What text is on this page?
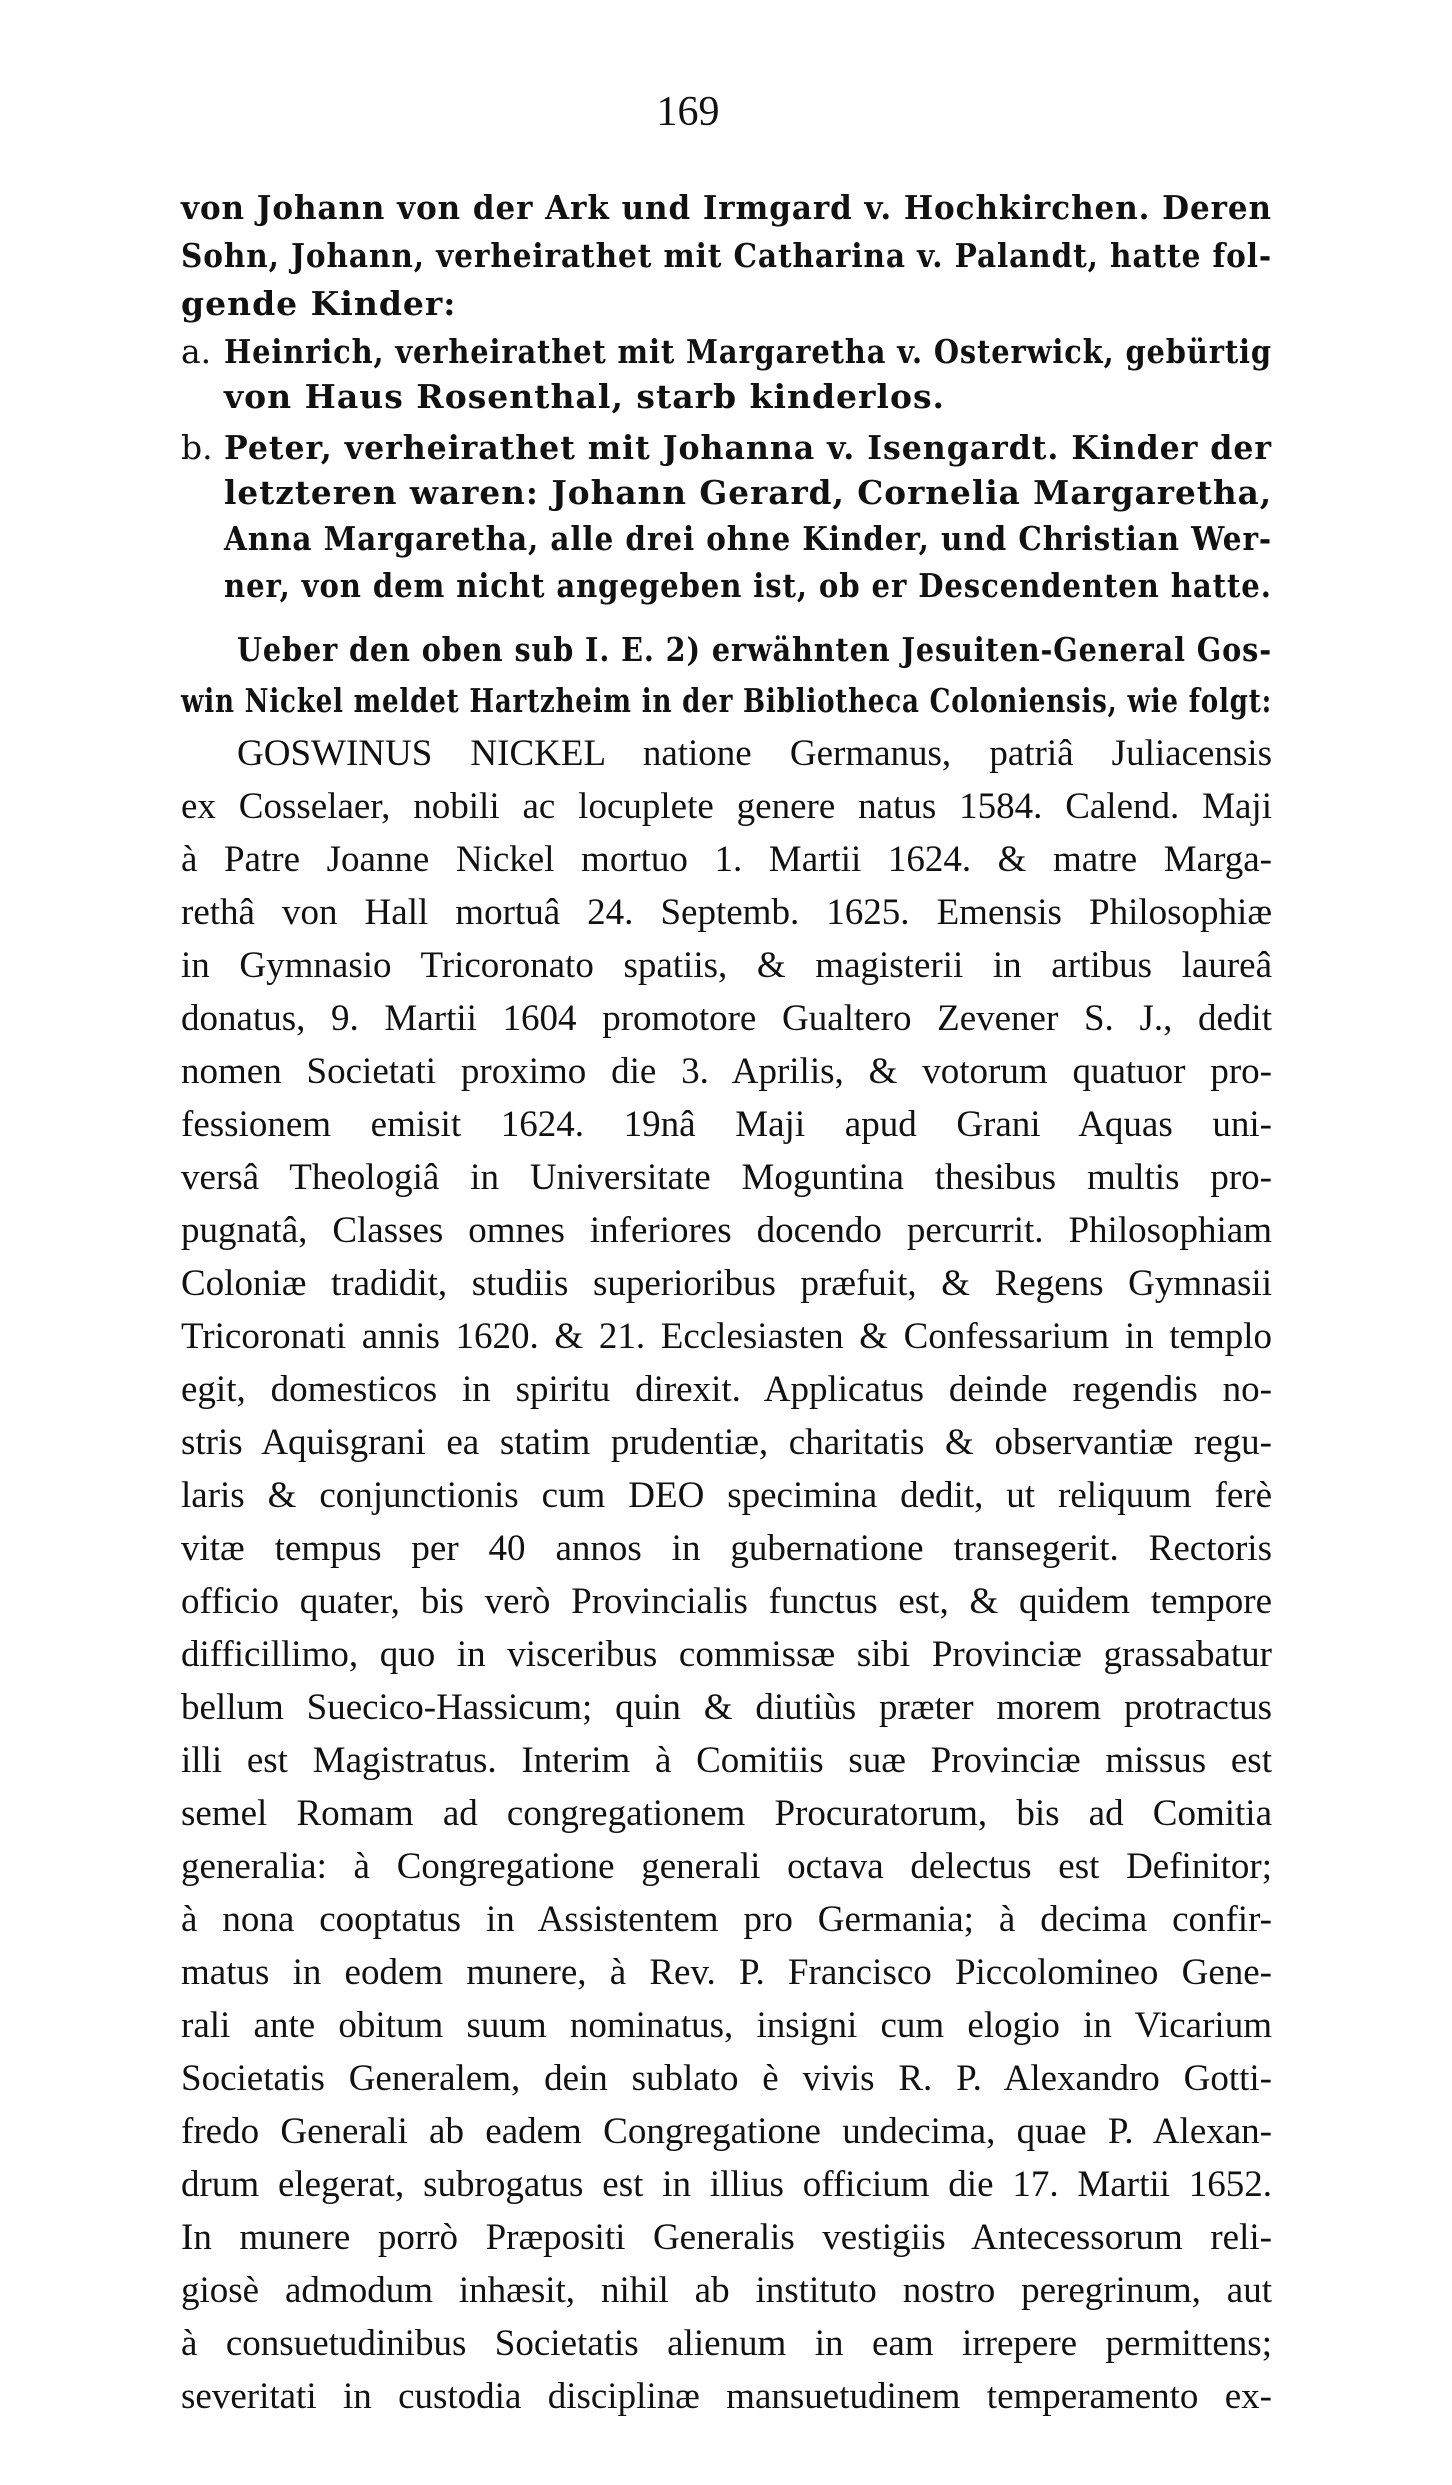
169
von Johann von der Ark und Irmgard v. Hochkirchen. Deren
Sohn, Johann, verheirathet mit Catharina v. Palandt, hatte fol-
gende Kinder:
a. Heinrich, verheirathet mit Margaretha v. Osterwick, gebürtig
von Haus Rosenthal, starb kinderlos.
b. Peter, verheirathet mit Johanna v. Isengardt. Kinder der
letzteren waren: Johann Gerard, Cornelia Margaretha,
Anna Margaretha, alle drei ohne Kinder, und Christian Wer-
ner, von dem nicht angegeben ist, ob er Descendenten hatte.
Ueber den oben sub I. E. 2) erwähnten Jesuiten-General Gos-
win Nickel meldet Hartzheim in der Bibliotheca Coloniensis, wie folgt:
GOSWINUS NICKEL natione Germanus, patriâ Juliacensis
ex Cosselaer, nobili ac locuplete genere natus 1584. Calend. Maji
à Patre Joanne Nickel mortuo 1. Martii 1624. & matre Marga-
rethâ von Hall mortuâ 24. Septemb. 1625. Emensis Philosophiæ
in Gymnasio Tricoronato spatiis, & magisterii in artibus laureâ
donatus, 9. Martii 1604 promotore Gualtero Zevener S. J., dedit
nomen Societati proximo die 3. Aprilis, & votorum quatuor pro-
fessionem emisit 1624. 19nâ Maji apud Grani Aquas uni-
versâ Theologiâ in Universitate Moguntina thesibus multis pro-
pugnatâ, Classes omnes inferiores docendo percurrit. Philosophiam
Coloniæ tradidit, studiis superioribus præfuit, & Regens Gymnasii
Tricoronati annis 1620. & 21. Ecclesiasten & Confessarium in templo
egit, domesticos in spiritu direxit. Applicatus deinde regendis no-
stris Aquisgrani ea statim prudentiæ, charitatis & observantiæ regu-
laris & conjunctionis cum DEO specimina dedit, ut reliquum ferè
vitæ tempus per 40 annos in gubernatione transegerit. Rectoris
officio quater, bis verò Provincialis functus est, & quidem tempore
difficillimo, quo in visceribus commissæ sibi Provinciæ grassabatur
bellum Suecico-Hassicum; quin & diutiùs præter morem protractus
illi est Magistratus. Interim à Comitiis suæ Provinciæ missus est
semel Romam ad congregationem Procuratorum, bis ad Comitia
generalia: à Congregatione generali octava delectus est Definitor;
à nona cooptatus in Assistentem pro Germania; à decima confir-
matus in eodem munere, à Rev. P. Francisco Piccolomineo Gene-
rali ante obitum suum nominatus, insigni cum elogio in Vicarium
Societatis Generalem, dein sublato è vivis R. P. Alexandro Gotti-
fredo Generali ab eadem Congregatione undecima, quae P. Alexan-
drum elegerat, subrogatus est in illius officium die 17. Martii 1652.
In munere porrò Præpositi Generalis vestigiis Antecessorum reli-
giosè admodum inhæsit, nihil ab instituto nostro peregrinum, aut
à consuetudinibus Societatis alienum in eam irrepere permittens;
severitati in custodia disciplinæ mansuetudinem temperamento ex-
